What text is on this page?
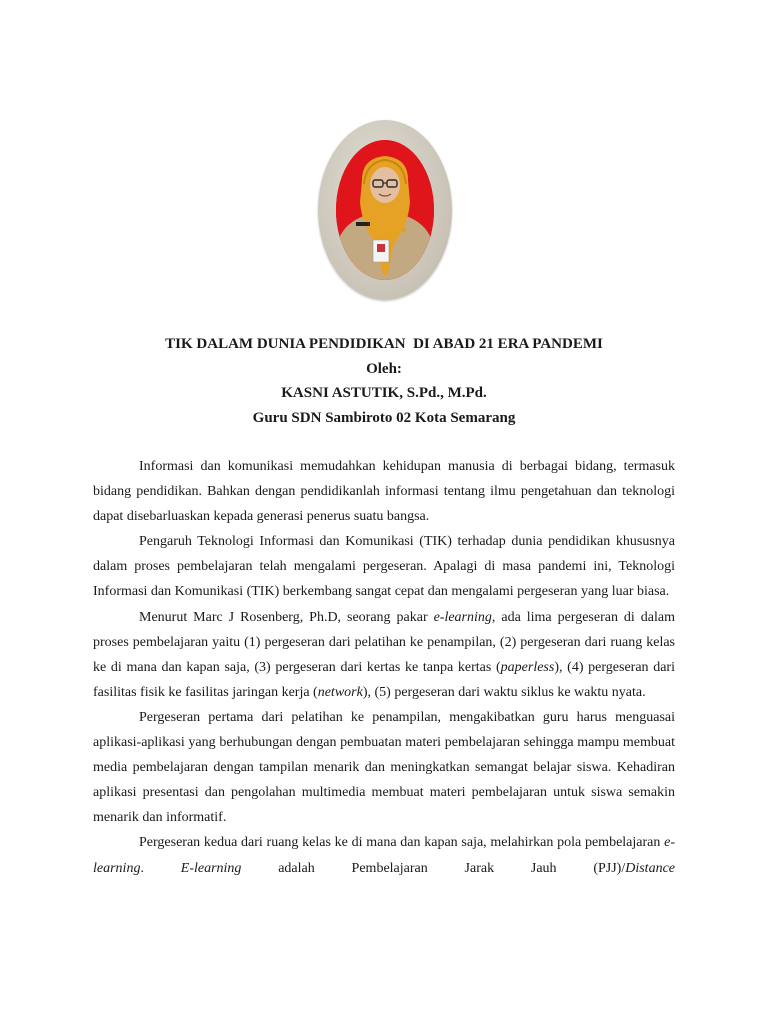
TIK DALAM DUNIA PENDIDIKAN  DI ABAD 21 ERA PANDEMI
Oleh:
KASNI ASTUTIK, S.Pd., M.Pd.
Guru SDN Sambiroto 02 Kota Semarang

Informasi dan komunikasi memudahkan kehidupan manusia di berbagai bidang, termasuk bidang pendidikan. Bahkan dengan pendidikanlah informasi tentang ilmu pengetahuan dan teknologi dapat disebarluaskan kepada generasi penerus suatu bangsa.

Pengaruh Teknologi Informasi dan Komunikasi (TIK) terhadap dunia pendidikan khususnya dalam proses pembelajaran telah mengalami pergeseran. Apalagi di masa pandemi ini, Teknologi Informasi dan Komunikasi (TIK) berkembang sangat cepat dan mengalami pergeseran yang luar biasa.

Menurut Marc J Rosenberg, Ph.D, seorang pakar e-learning, ada lima pergeseran di dalam proses pembelajaran yaitu (1) pergeseran dari pelatihan ke penampilan, (2) pergeseran dari ruang kelas ke di mana dan kapan saja, (3) pergeseran dari kertas ke tanpa kertas (paperless), (4) pergeseran dari fasilitas fisik ke fasilitas jaringan kerja (network), (5) pergeseran dari waktu siklus ke waktu nyata.

Pergeseran pertama dari pelatihan ke penampilan, mengakibatkan guru harus menguasai aplikasi-aplikasi yang berhubungan dengan pembuatan materi pembelajaran sehingga mampu membuat media pembelajaran dengan tampilan menarik dan meningkatkan semangat belajar siswa. Kehadiran aplikasi presentasi dan pengolahan multimedia membuat materi pembelajaran untuk siswa semakin menarik dan informatif.

Pergeseran kedua dari ruang kelas ke di mana dan kapan saja, melahirkan pola pembelajaran e-learning. E-learning adalah Pembelajaran Jarak Jauh (PJJ)/Distance
